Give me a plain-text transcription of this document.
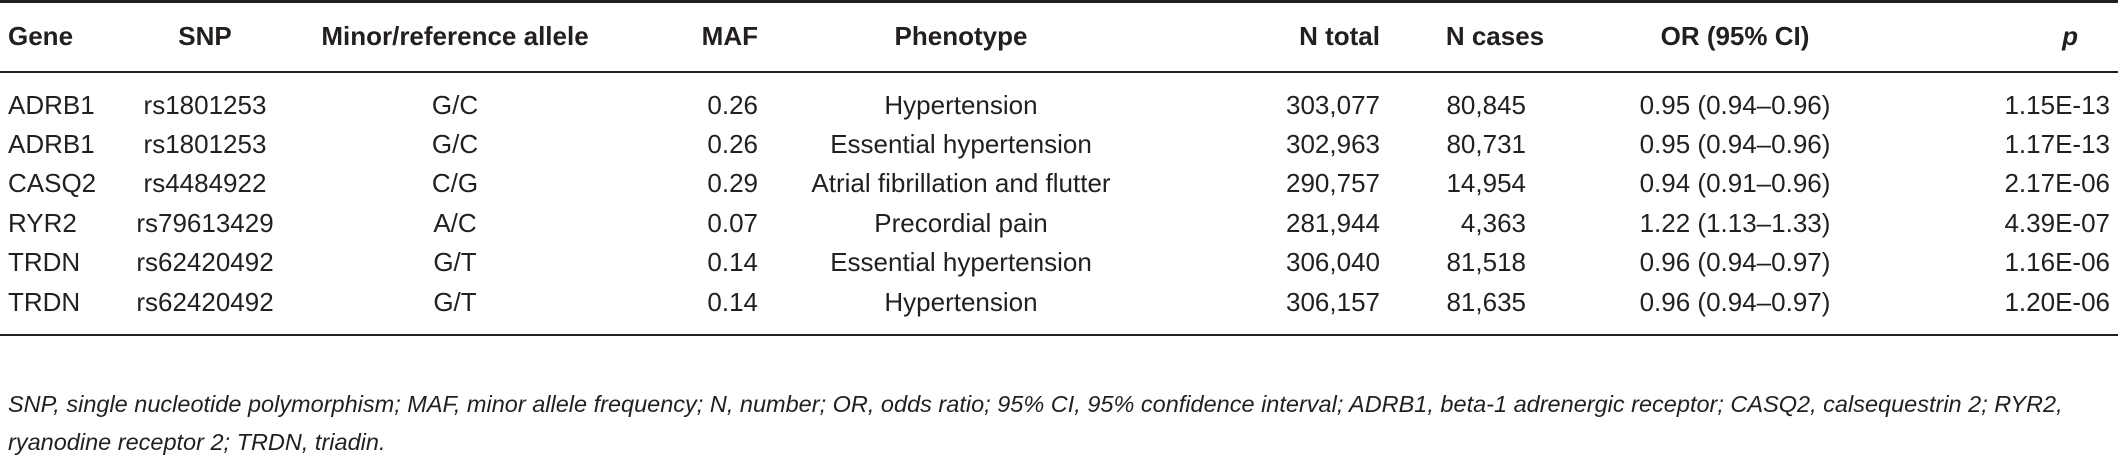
Gene	SNP	Minor/reference allele	MAF	Phenotype	N total	N cases	OR (95% CI)	p
ADRB1	rs1801253	G/C	0.26	Hypertension	303,077	80,845	0.95 (0.94–0.96)	1.15E-13
ADRB1	rs1801253	G/C	0.26	Essential hypertension	302,963	80,731	0.95 (0.94–0.96)	1.17E-13
CASQ2	rs4484922	C/G	0.29	Atrial fibrillation and flutter	290,757	14,954	0.94 (0.91–0.96)	2.17E-06
RYR2	rs79613429	A/C	0.07	Precordial pain	281,944	4,363	1.22 (1.13–1.33)	4.39E-07
TRDN	rs62420492	G/T	0.14	Essential hypertension	306,040	81,518	0.96 (0.94–0.97)	1.16E-06
TRDN	rs62420492	G/T	0.14	Hypertension	306,157	81,635	0.96 (0.94–0.97)	1.20E-06
SNP, single nucleotide polymorphism; MAF, minor allele frequency; N, number; OR, odds ratio; 95% CI, 95% confidence interval; ADRB1, beta-1 adrenergic receptor; CASQ2, calsequestrin 2; RYR2, ryanodine receptor 2; TRDN, triadin.
